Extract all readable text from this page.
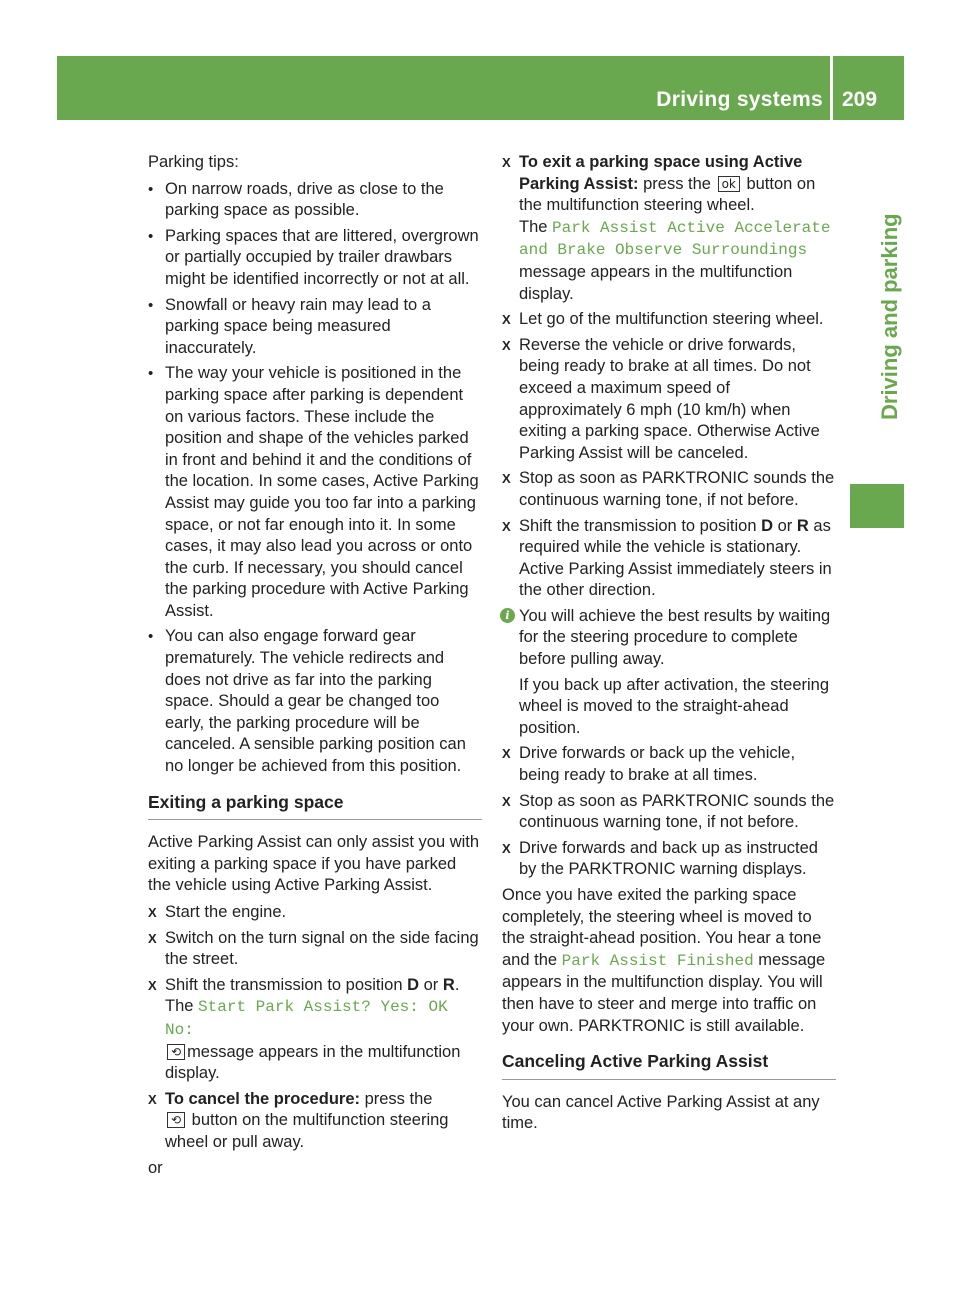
Driving systems 209
Driving and parking

Parking tips:

• On narrow roads, drive as close to the parking space as possible.
• Parking spaces that are littered, overgrown or partially occupied by trailer drawbars might be identified incorrectly or not at all.
• Snowfall or heavy rain may lead to a parking space being measured inaccurately.
• The way your vehicle is positioned in the parking space after parking is dependent on various factors. These include the position and shape of the vehicles parked in front and behind it and the conditions of the location. In some cases, Active Parking Assist may guide you too far into a parking space, or not far enough into it. In some cases, it may also lead you across or onto the curb. If necessary, you should cancel the parking procedure with Active Parking Assist.
• You can also engage forward gear prematurely. The vehicle redirects and does not drive as far into the parking space. Should a gear be changed too early, the parking procedure will be canceled. A sensible parking position can no longer be achieved from this position.
Exiting a parking space

Active Parking Assist can only assist you with exiting a parking space if you have parked the vehicle using Active Parking Assist.

X Start the engine.
X Switch on the turn signal on the side facing the street.
X Shift the transmission to position D or R.
The Start Park Assist? Yes: OK No:
⟲ message appears in the multifunction display.
X To cancel the procedure: press the
⟲ button on the multifunction steering wheel or pull away.

or

X To exit a parking space using Active Parking Assist: press the ok button on the multifunction steering wheel.
The Park Assist Active Accelerate and Brake Observe Surroundings message appears in the multifunction display.
X Let go of the multifunction steering wheel.
X Reverse the vehicle or drive forwards, being ready to brake at all times. Do not exceed a maximum speed of approximately 6 mph (10 km/h) when exiting a parking space. Otherwise Active Parking Assist will be canceled.
X Stop as soon as PARKTRONIC sounds the continuous warning tone, if not before.
X Shift the transmission to position D or R as required while the vehicle is stationary. Active Parking Assist immediately steers in the other direction.
i You will achieve the best results by waiting for the steering procedure to complete before pulling away.
If you back up after activation, the steering wheel is moved to the straight-ahead position.
X Drive forwards or back up the vehicle, being ready to brake at all times.
X Stop as soon as PARKTRONIC sounds the continuous warning tone, if not before.
X Drive forwards and back up as instructed by the PARKTRONIC warning displays.

Once you have exited the parking space completely, the steering wheel is moved to the straight-ahead position. You hear a tone and the Park Assist Finished message appears in the multifunction display. You will then have to steer and merge into traffic on your own. PARKTRONIC is still available.

Canceling Active Parking Assist

You can cancel Active Parking Assist at any time.
